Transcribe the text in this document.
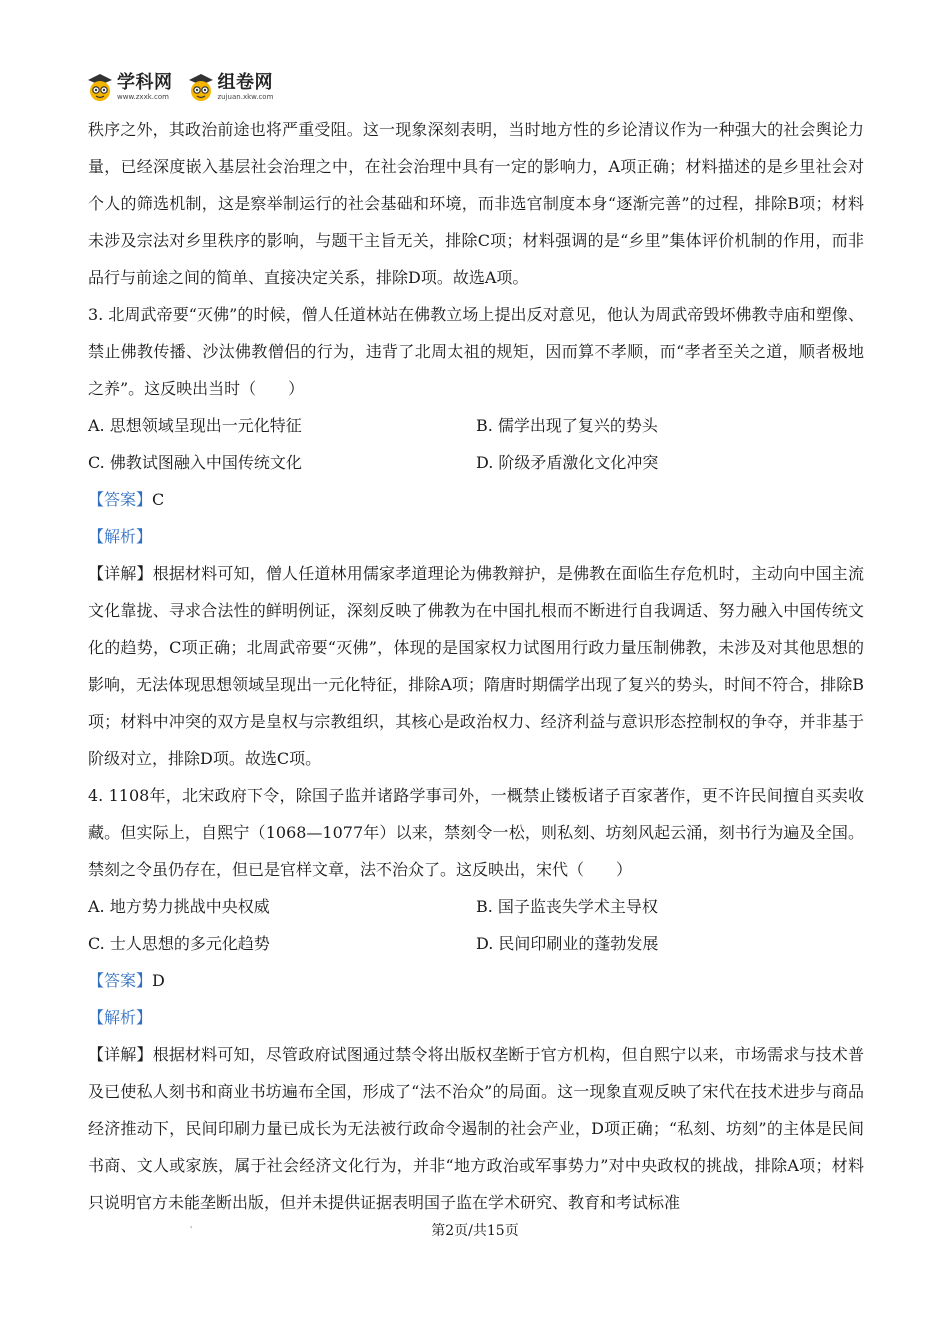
学科网
www.zxxk.com
组卷网
zujuan.xkw.com

秩序之外，其政治前途也将严重受阻。这一现象深刻表明，当时地方性的乡论清议作为一种强大的社会舆论力量，已经深度嵌入基层社会治理之中，在社会治理中具有一定的影响力，A项正确；材料描述的是乡里社会对个人的筛选机制，这是察举制运行的社会基础和环境，而非选官制度本身“逐渐完善”的过程，排除B项；材料未涉及宗法对乡里秩序的影响，与题干主旨无关，排除C项；材料强调的是“乡里”集体评价机制的作用，而非品行与前途之间的简单、直接决定关系，排除D项。故选A项。

3. 北周武帝要“灭佛”的时候，僧人任道林站在佛教立场上提出反对意见，他认为周武帝毁坏佛教寺庙和塑像、禁止佛教传播、沙汰佛教僧侣的行为，违背了北周太祖的规矩，因而算不孝顺，而“孝者至关之道，顺者极地之养”。这反映出当时（　　）

A. 思想领域呈现出一元化特征	B. 儒学出现了复兴的势头
C. 佛教试图融入中国传统文化	D. 阶级矛盾激化文化冲突

【答案】C

【解析】

【详解】根据材料可知，僧人任道林用儒家孝道理论为佛教辩护，是佛教在面临生存危机时，主动向中国主流文化靠拢、寻求合法性的鲜明例证，深刻反映了佛教为在中国扎根而不断进行自我调适、努力融入中国传统文化的趋势，C项正确；北周武帝要“灭佛”，体现的是国家权力试图用行政力量压制佛教，未涉及对其他思想的影响，无法体现思想领域呈现出一元化特征，排除A项；隋唐时期儒学出现了复兴的势头，时间不符合，排除B项；材料中冲突的双方是皇权与宗教组织，其核心是政治权力、经济利益与意识形态控制权的争夺，并非基于阶级对立，排除D项。故选C项。

4. 1108年，北宋政府下令，除国子监并诸路学事司外，一概禁止镂板诸子百家著作，更不许民间擅自买卖收藏。但实际上，自熙宁（1068—1077年）以来，禁刻令一松，则私刻、坊刻风起云涌，刻书行为遍及全国。禁刻之令虽仍存在，但已是官样文章，法不治众了。这反映出，宋代（　　）

A. 地方势力挑战中央权威	B. 国子监丧失学术主导权
C. 士人思想的多元化趋势	D. 民间印刷业的蓬勃发展

【答案】D

【解析】

【详解】根据材料可知，尽管政府试图通过禁令将出版权垄断于官方机构，但自熙宁以来，市场需求与技术普及已使私人刻书和商业书坊遍布全国，形成了“法不治众”的局面。这一现象直观反映了宋代在技术进步与商品经济推动下，民间印刷力量已成长为无法被行政命令遏制的社会产业，D项正确；“私刻、坊刻”的主体是民间书商、文人或家族，属于社会经济文化行为，并非“地方政治或军事势力”对中央政权的挑战，排除A项；材料只说明官方未能垄断出版，但并未提供证据表明国子监在学术研究、教育和考试标准

'	第2页/共15页
